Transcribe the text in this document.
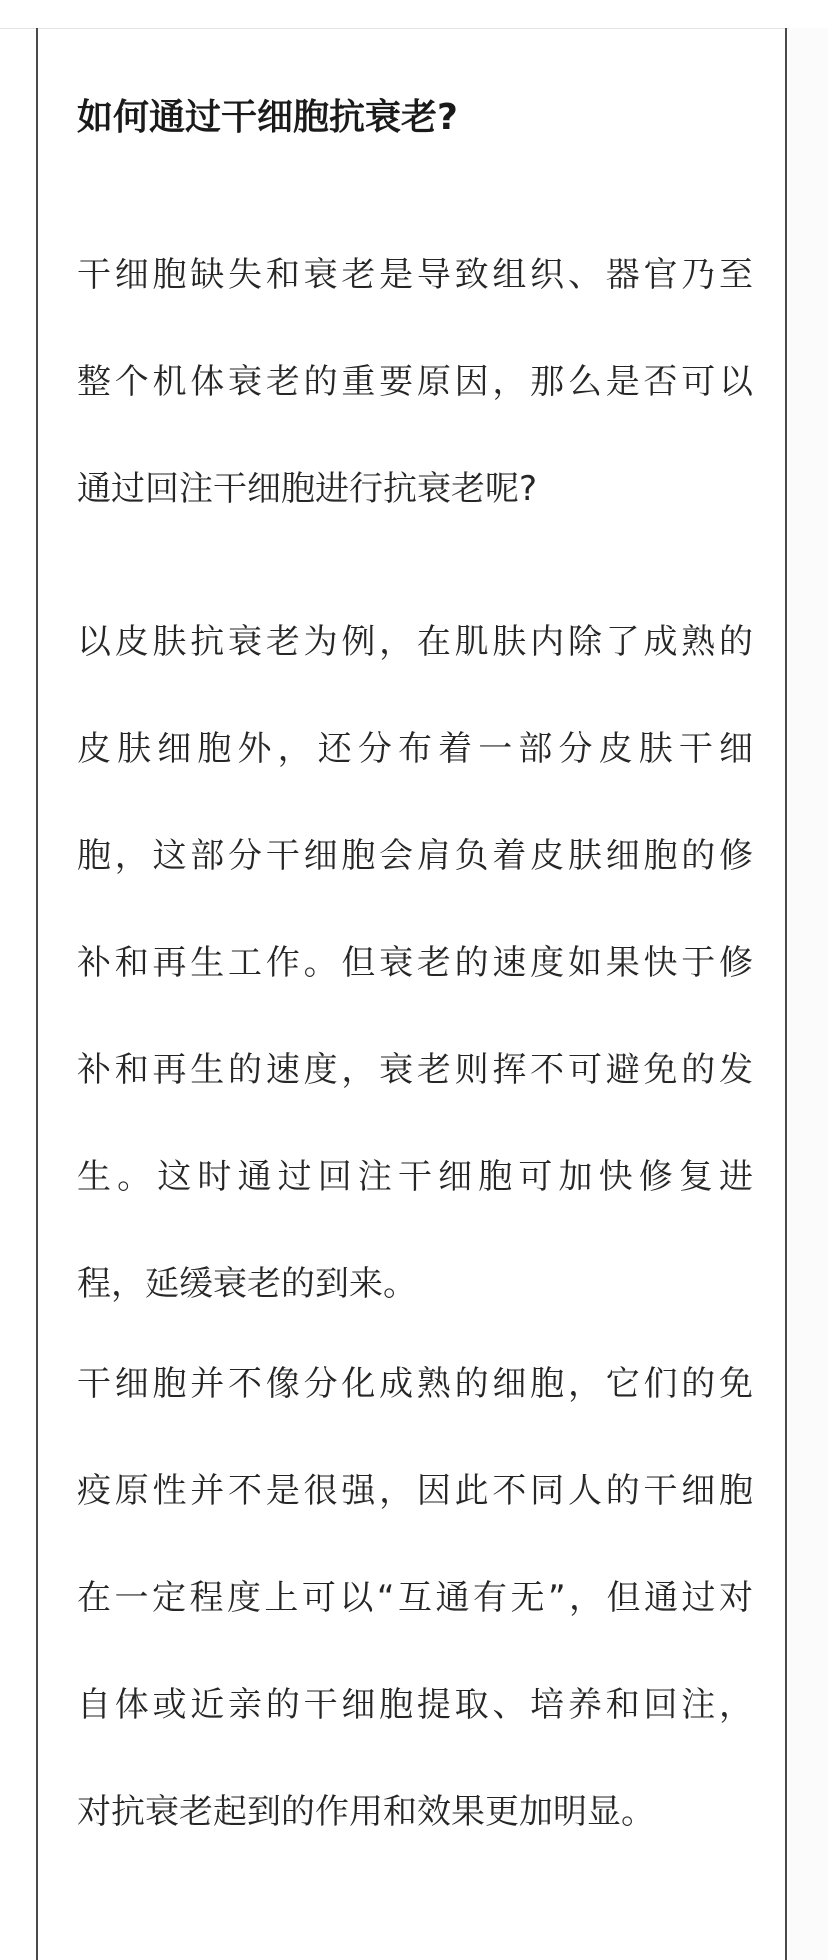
如何通过干细胞抗衰老?

干细胞缺失和衰老是导致组织、器官乃至
整个机体衰老的重要原因，那么是否可以
通过回注干细胞进行抗衰老呢?

以皮肤抗衰老为例，在肌肤内除了成熟的
皮肤细胞外，还分布着一部分皮肤干细
胞，这部分干细胞会肩负着皮肤细胞的修
补和再生工作。但衰老的速度如果快于修
补和再生的速度，衰老则挥不可避免的发
生。这时通过回注干细胞可加快修复进
程，延缓衰老的到来。

干细胞并不像分化成熟的细胞，它们的免
疫原性并不是很强，因此不同人的干细胞
在一定程度上可以“互通有无”，但通过对
自体或近亲的干细胞提取、培养和回注，
对抗衰老起到的作用和效果更加明显。
